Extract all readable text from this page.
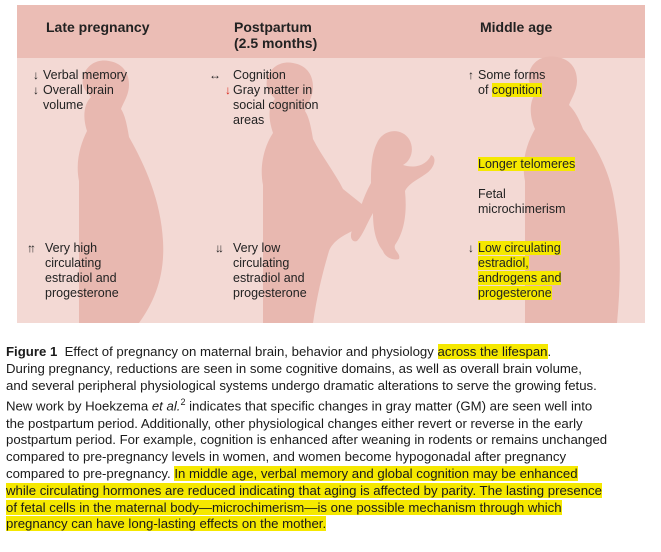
Late pregnancy	Postpartum
(2.5 months)
Middle age
↓ Verbal memory
↓ Overall brain
volume
↑↑ Very high
circulating
estradiol and
progesterone
↔ Cognition
↓ Gray matter in
social cognition
areas
↓↓ Very low
circulating
estradiol and
progesterone
↑ Some forms
of cognition
Longer telomeres
Fetal
microchimerism
↓ Low circulating
estradiol,
androgens and
progesterone
Figure 1  Effect of pregnancy on maternal brain, behavior and physiology across the lifespan.
During pregnancy, reductions are seen in some cognitive domains, as well as overall brain volume,
and several peripheral physiological systems undergo dramatic alterations to serve the growing fetus.
New work by Hoekzema et al.$^2$ indicates that specific changes in gray matter (GM) are seen well into
the postpartum period. Additionally, other physiological changes either revert or reverse in the early
postpartum period. For example, cognition is enhanced after weaning in rodents or remains unchanged
compared to pre-pregnancy levels in women, and women become hypogonadal after pregnancy
compared to pre-pregnancy. In middle age, verbal memory and global cognition may be enhanced
while circulating hormones are reduced indicating that aging is affected by parity. The lasting presence
of fetal cells in the maternal body—microchimerism—is one possible mechanism through which
pregnancy can have long-lasting effects on the mother.
